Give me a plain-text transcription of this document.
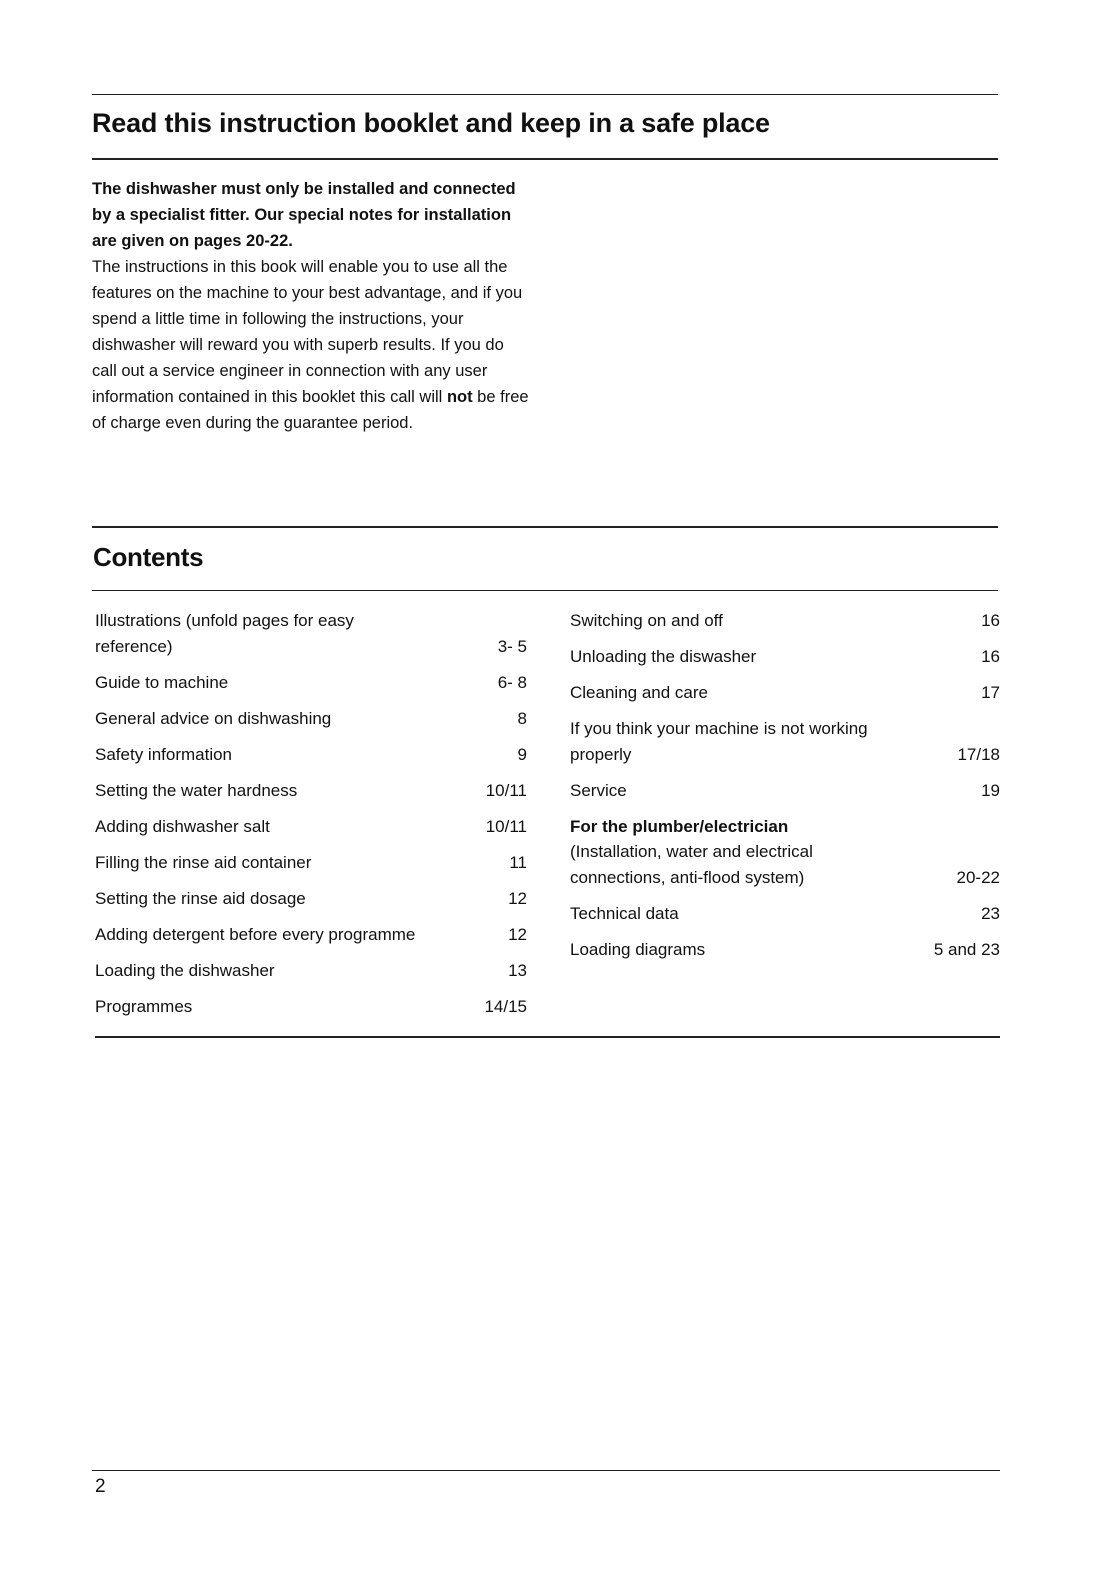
Read this instruction booklet and keep in a safe place

The dishwasher must only be installed and connected by a specialist fitter. Our special notes for installation are given on pages 20-22.

The instructions in this book will enable you to use all the features on the machine to your best advantage, and if you spend a little time in following the instructions, your dishwasher will reward you with superb results. If you do call out a service engineer in connection with any user information contained in this booklet this call will not be free of charge even during the guarantee period.

Contents
Illustrations (unfold pages for easy reference)	3- 5
Guide to machine	6- 8
General advice on dishwashing	8
Safety information	9
Setting the water hardness	10/11
Adding dishwasher salt	10/11
Filling the rinse aid container	11
Setting the rinse aid dosage	12
Adding detergent before every programme	12
Loading the dishwasher	13
Programmes	14/15
Switching on and off	16
Unloading the diswasher	16
Cleaning and care	17
If you think your machine is not working properly	17/18
Service	19
For the plumber/electrician
(Installation, water and electrical connections, anti-flood system)	20-22
Technical data	23
Loading diagrams	5 and 23
2
